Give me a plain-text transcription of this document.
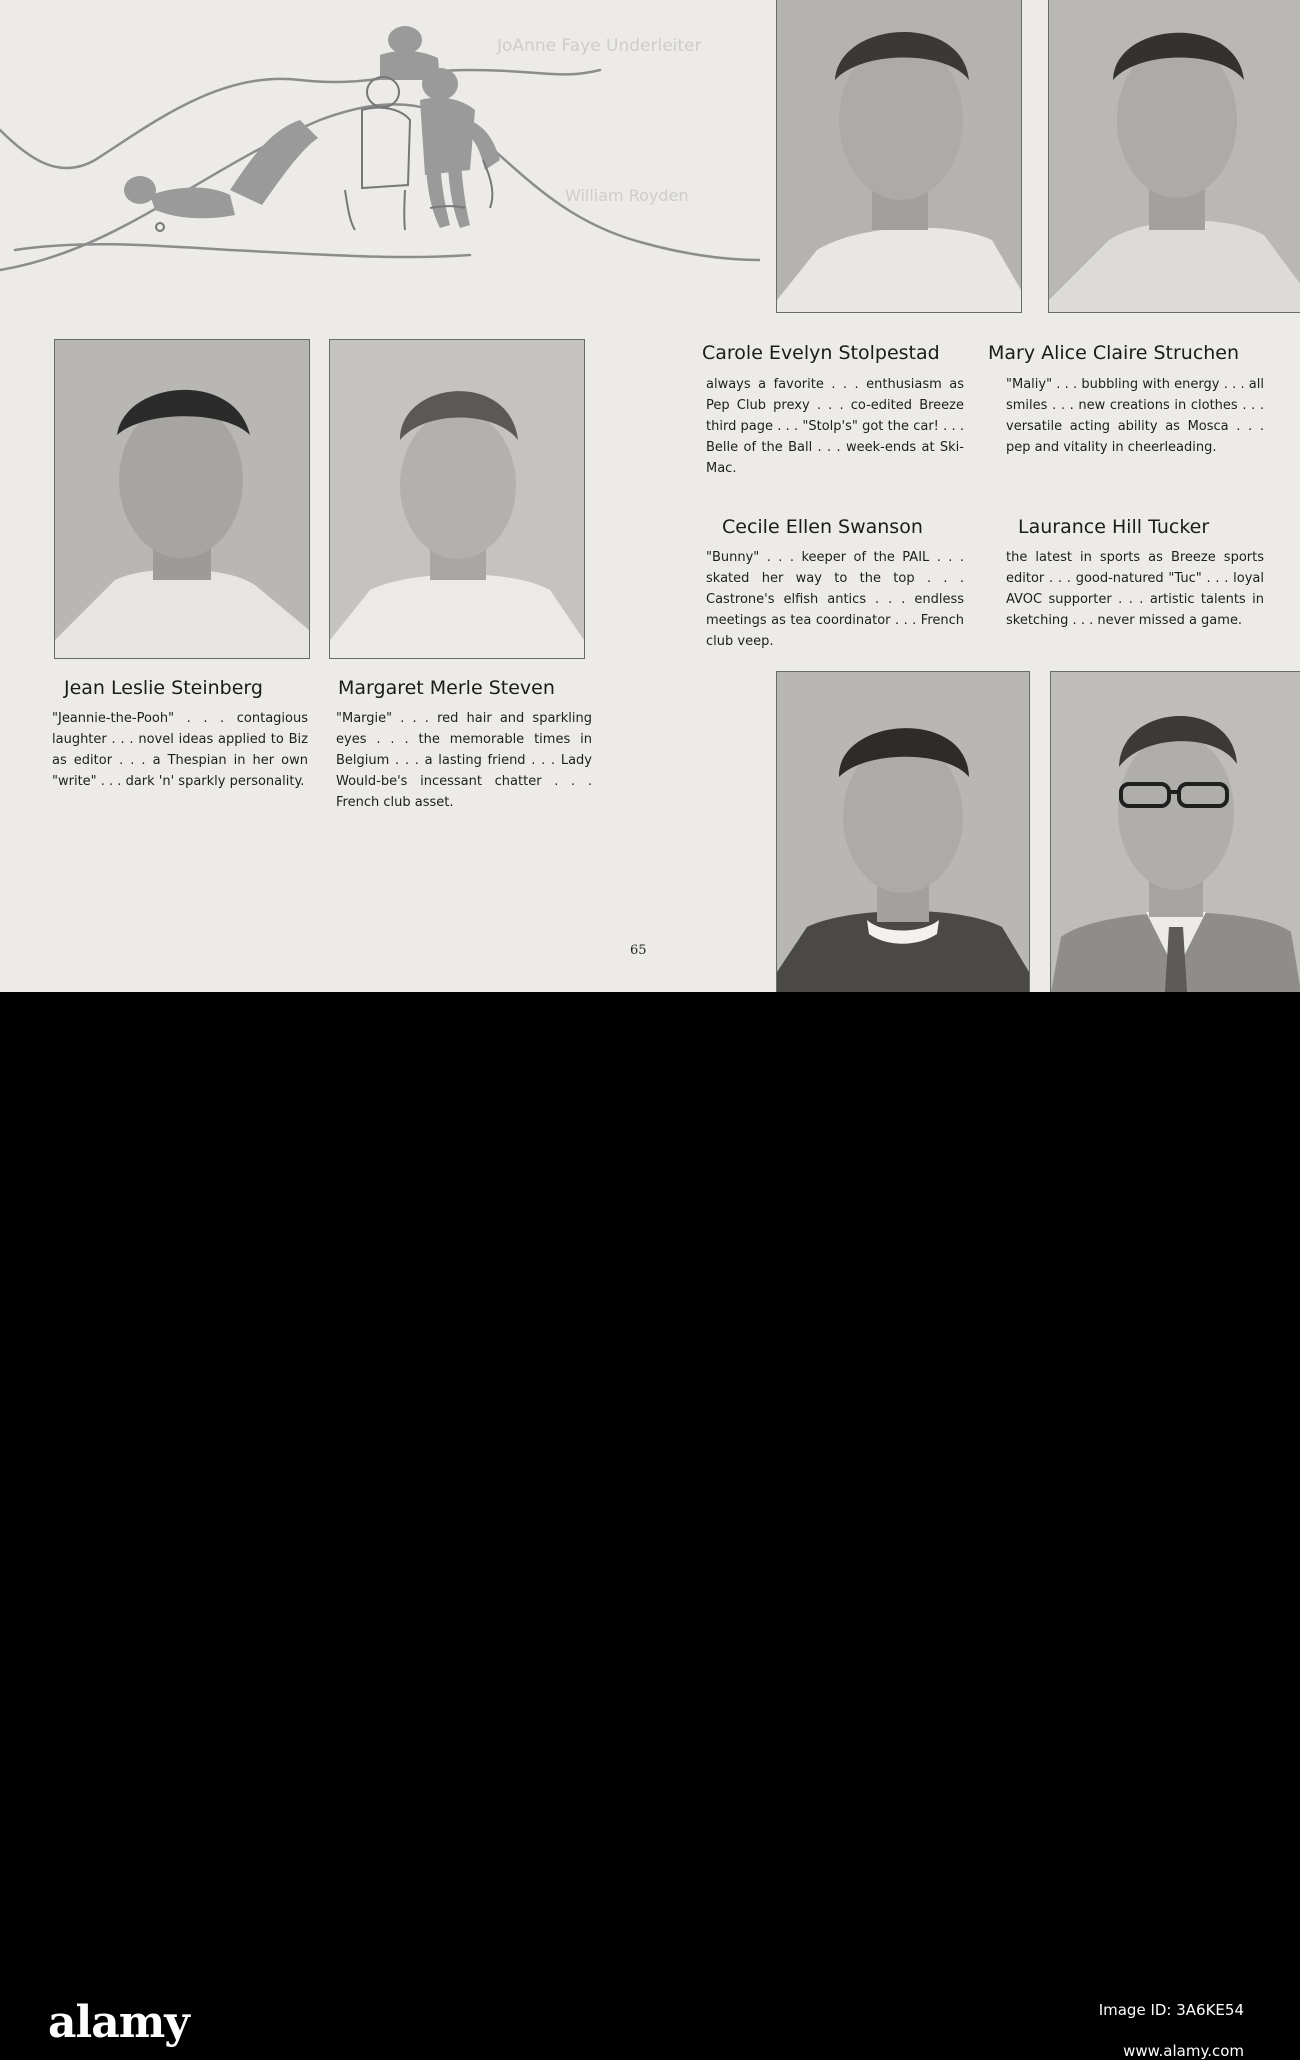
JoAnne Faye Underleiter
William Royden
Jean Leslie Steinberg

"Jeannie-the-Pooh" . . . contagious laughter . . . novel ideas applied to Biz as editor . . . a Thespian in her own "write" . . . dark 'n' sparkly personality.

Margaret Merle Steven

"Margie" . . . red hair and sparkling eyes . . . the memorable times in Belgium . . . a lasting friend . . . Lady Would-be's incessant chatter . . . French club asset.

Carole Evelyn Stolpestad

always a favorite . . . enthusiasm as Pep Club prexy . . . co-edited Breeze third page . . . "Stolp's" got the car! . . . Belle of the Ball . . . week-ends at Ski-Mac.

Mary Alice Claire Struchen

"Maliy" . . . bubbling with energy . . . all smiles . . . new creations in clothes . . . versatile acting ability as Mosca . . . pep and vitality in cheerleading.

Cecile Ellen Swanson

"Bunny" . . . keeper of the PAIL . . . skated her way to the top . . . Castrone's elfish antics . . . endless meetings as tea coordinator . . . French club veep.

Laurance Hill Tucker

the latest in sports as Breeze sports editor . . . good-natured "Tuc" . . . loyal AVOC supporter . . . artistic talents in sketching . . . never missed a game.

65
alamy	Image ID: 3A6KE54
www.alamy.com
